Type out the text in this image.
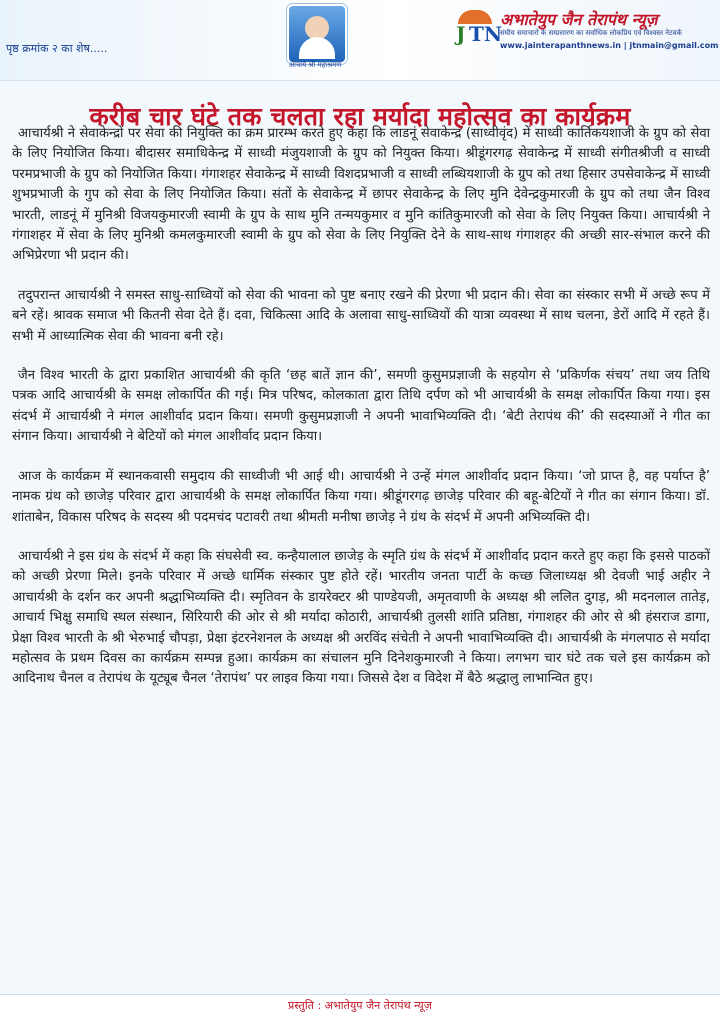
पृष्ठ क्रमांक २ का शेष.....
आचार्य श्री महाश्रमण
J TN
अभातेयुप जैन तेरापंथ न्यूज़
संघीय समाचारों के सम्प्रसारण का सर्वाधिक लोकप्रिय एवं विश्वस्त नेटवर्क
www.jainterapanthnews.in | jtnmain@gmail.com
करीब चार घंटे तक चलता रहा मर्यादा महोत्सव का कार्यक्रम

आचार्यश्री ने सेवाकेन्द्रों पर सेवा की नियुक्ति का क्रम प्रारम्भ करते हुए कहा कि लाडनूं सेवाकेन्द्र (साध्वीवृंद) में साध्वी कार्तिकयशाजी के ग्रुप को सेवा के लिए नियोजित किया। बीदासर समाधिकेन्द्र में साध्वी मंजुयशाजी के ग्रुप को नियुक्त किया। श्रीडूंगरगढ़ सेवाकेन्द्र में साध्वी संगीतश्रीजी व साध्वी परमप्रभाजी के ग्रुप को नियोजित किया। गंगाशहर सेवाकेन्द्र में साध्वी विशदप्रभाजी व साध्वी लब्धियशाजी के ग्रुप को तथा हिसार उपसेवाकेन्द्र में साध्वी शुभप्रभाजी के गुप को सेवा के लिए नियोजित किया। संतों के सेवाकेन्द्र में छापर सेवाकेन्द्र के लिए मुनि देवेन्द्रकुमारजी के ग्रुप को तथा जैन विश्व भारती, लाडनूं में मुनिश्री विजयकुमारजी स्वामी के ग्रुप के साथ मुनि तन्मयकुमार व मुनि कांतिकुमारजी को सेवा के लिए नियुक्त किया। आचार्यश्री ने गंगाशहर में सेवा के लिए मुनिश्री कमलकुमारजी स्वामी के ग्रुप को सेवा के लिए नियुक्ति देने के साथ-साथ गंगाशहर की अच्छी सार-संभाल करने की अभिप्रेरणा भी प्रदान की।

तदुपरान्त आचार्यश्री ने समस्त साधु-साध्वियों को सेवा की भावना को पुष्ट बनाए रखने की प्रेरणा भी प्रदान की। सेवा का संस्कार सभी में अच्छे रूप में बने रहें। श्रावक समाज भी कितनी सेवा देते हैं। दवा, चिकित्सा आदि के अलावा साधु-साध्वियों की यात्रा व्यवस्था में साथ चलना, डेरों आदि में रहते हैं। सभी में आध्यात्मिक सेवा की भावना बनी रहे।

जैन विश्व भारती के द्वारा प्रकाशित आचार्यश्री की कृति ‘छह बातें ज्ञान की’, समणी कुसुमप्रज्ञाजी के सहयोग से ‘प्रकिर्णक संचय’ तथा जय तिथि पत्रक आदि आचार्यश्री के समक्ष लोकार्पित की गई। मित्र परिषद, कोलकाता द्वारा तिथि दर्पण को भी आचार्यश्री के समक्ष लोकार्पित किया गया। इस संदर्भ में आचार्यश्री ने मंगल आशीर्वाद प्रदान किया। समणी कुसुमप्रज्ञाजी ने अपनी भावाभिव्यक्ति दी। ‘बेटी तेरापंथ की’ की सदस्याओं ने गीत का संगान किया। आचार्यश्री ने बेटियों को मंगल आशीर्वाद प्रदान किया।

आज के कार्यक्रम में स्थानकवासी समुदाय की साध्वीजी भी आई थी। आचार्यश्री ने उन्हें मंगल आशीर्वाद प्रदान किया। ‘जो प्राप्त है, वह पर्याप्त है’ नामक ग्रंथ को छाजेड़ परिवार द्वारा आचार्यश्री के समक्ष लोकार्पित किया गया। श्रीडूंगरगढ़ छाजेड़ परिवार की बहू-बेटियों ने गीत का संगान किया। डॉ. शांताबेन, विकास परिषद के सदस्य श्री पदमचंद पटावरी तथा श्रीमती मनीषा छाजेड़ ने ग्रंथ के संदर्भ में अपनी अभिव्यक्ति दी।

आचार्यश्री ने इस ग्रंथ के संदर्भ में कहा कि संघसेवी स्व. कन्हैयालाल छाजेड़ के स्मृति ग्रंथ के संदर्भ में आशीर्वाद प्रदान करते हुए कहा कि इससे पाठकों को अच्छी प्रेरणा मिले। इनके परिवार में अच्छे धार्मिक संस्कार पुष्ट होते रहें। भारतीय जनता पार्टी के कच्छ जिलाध्यक्ष श्री देवजी भाई अहीर ने आचार्यश्री के दर्शन कर अपनी श्रद्धाभिव्यक्ति दी। स्मृतिवन के डायरेक्टर श्री पाण्डेयजी, अमृतवाणी के अध्यक्ष श्री ललित दुगड़, श्री मदनलाल तातेड़, आचार्य भिक्षु समाधि स्थल संस्थान, सिरियारी की ओर से श्री मर्यादा कोठारी, आचार्यश्री तुलसी शांति प्रतिष्ठा, गंगाशहर की ओर से श्री हंसराज डागा, प्रेक्षा विश्व भारती के श्री भेरुभाई चौपड़ा, प्रेक्षा इंटरनेशनल के अध्यक्ष श्री अरविंद संचेती ने अपनी भावाभिव्यक्ति दी। आचार्यश्री के मंगलपाठ से मर्यादा महोत्सव के प्रथम दिवस का कार्यक्रम सम्पन्न हुआ। कार्यक्रम का संचालन मुनि दिनेशकुमारजी ने किया। लगभग चार घंटे तक चले इस कार्यक्रम को आदिनाथ चैनल व तेरापंथ के यूट्यूब चैनल ‘तेरापंथ’ पर लाइव किया गया। जिससे देश व विदेश में बैठे श्रद्धालु लाभान्वित हुए।

प्रस्तुति : अभातेयुप जैन तेरापंथ न्यूज़
